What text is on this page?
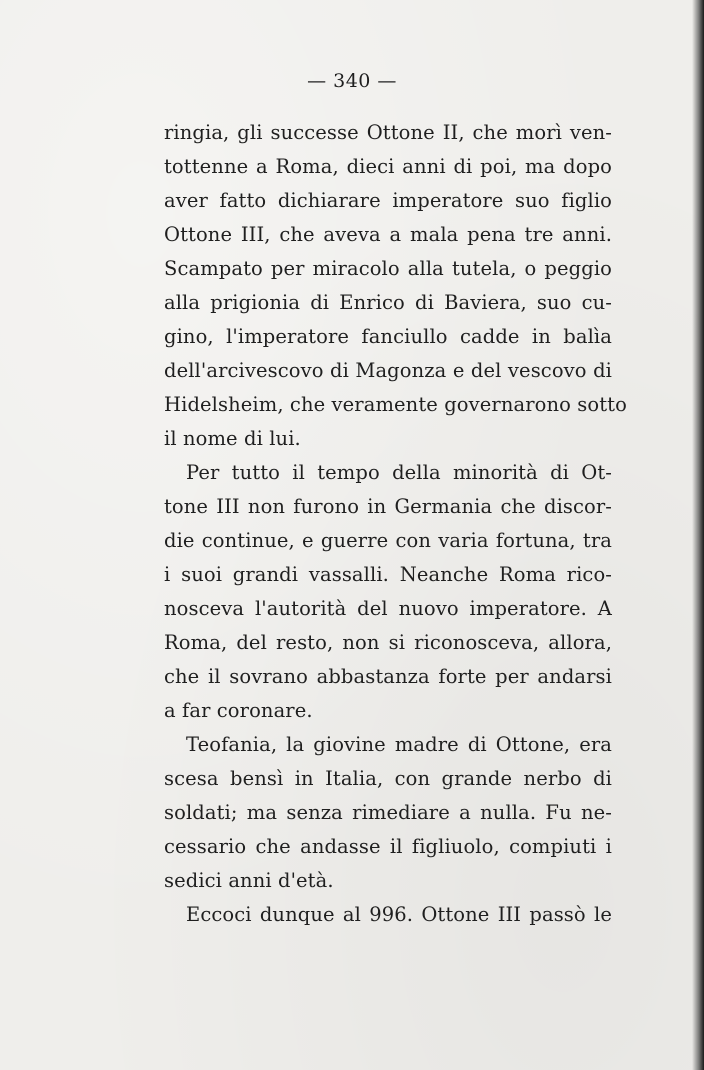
— 340 —
ringia, gli successe Ottone II, che morì ven-
tottenne a Roma, dieci anni di poi, ma dopo
aver fatto dichiarare imperatore suo figlio
Ottone III, che aveva a mala pena tre anni.
Scampato per miracolo alla tutela, o peggio
alla prigionia di Enrico di Baviera, suo cu-
gino, l'imperatore fanciullo cadde in balìa
dell'arcivescovo di Magonza e del vescovo di
Hidelsheim, che veramente governarono sotto
il nome di lui.
Per tutto il tempo della minorità di Ot-
tone III non furono in Germania che discor-
die continue, e guerre con varia fortuna, tra
i suoi grandi vassalli. Neanche Roma rico-
nosceva l'autorità del nuovo imperatore. A
Roma, del resto, non si riconosceva, allora,
che il sovrano abbastanza forte per andarsi
a far coronare.
Teofania, la giovine madre di Ottone, era
scesa bensì in Italia, con grande nerbo di
soldati; ma senza rimediare a nulla. Fu ne-
cessario che andasse il figliuolo, compiuti i
sedici anni d'età.
Eccoci dunque al 996. Ottone III passò le
